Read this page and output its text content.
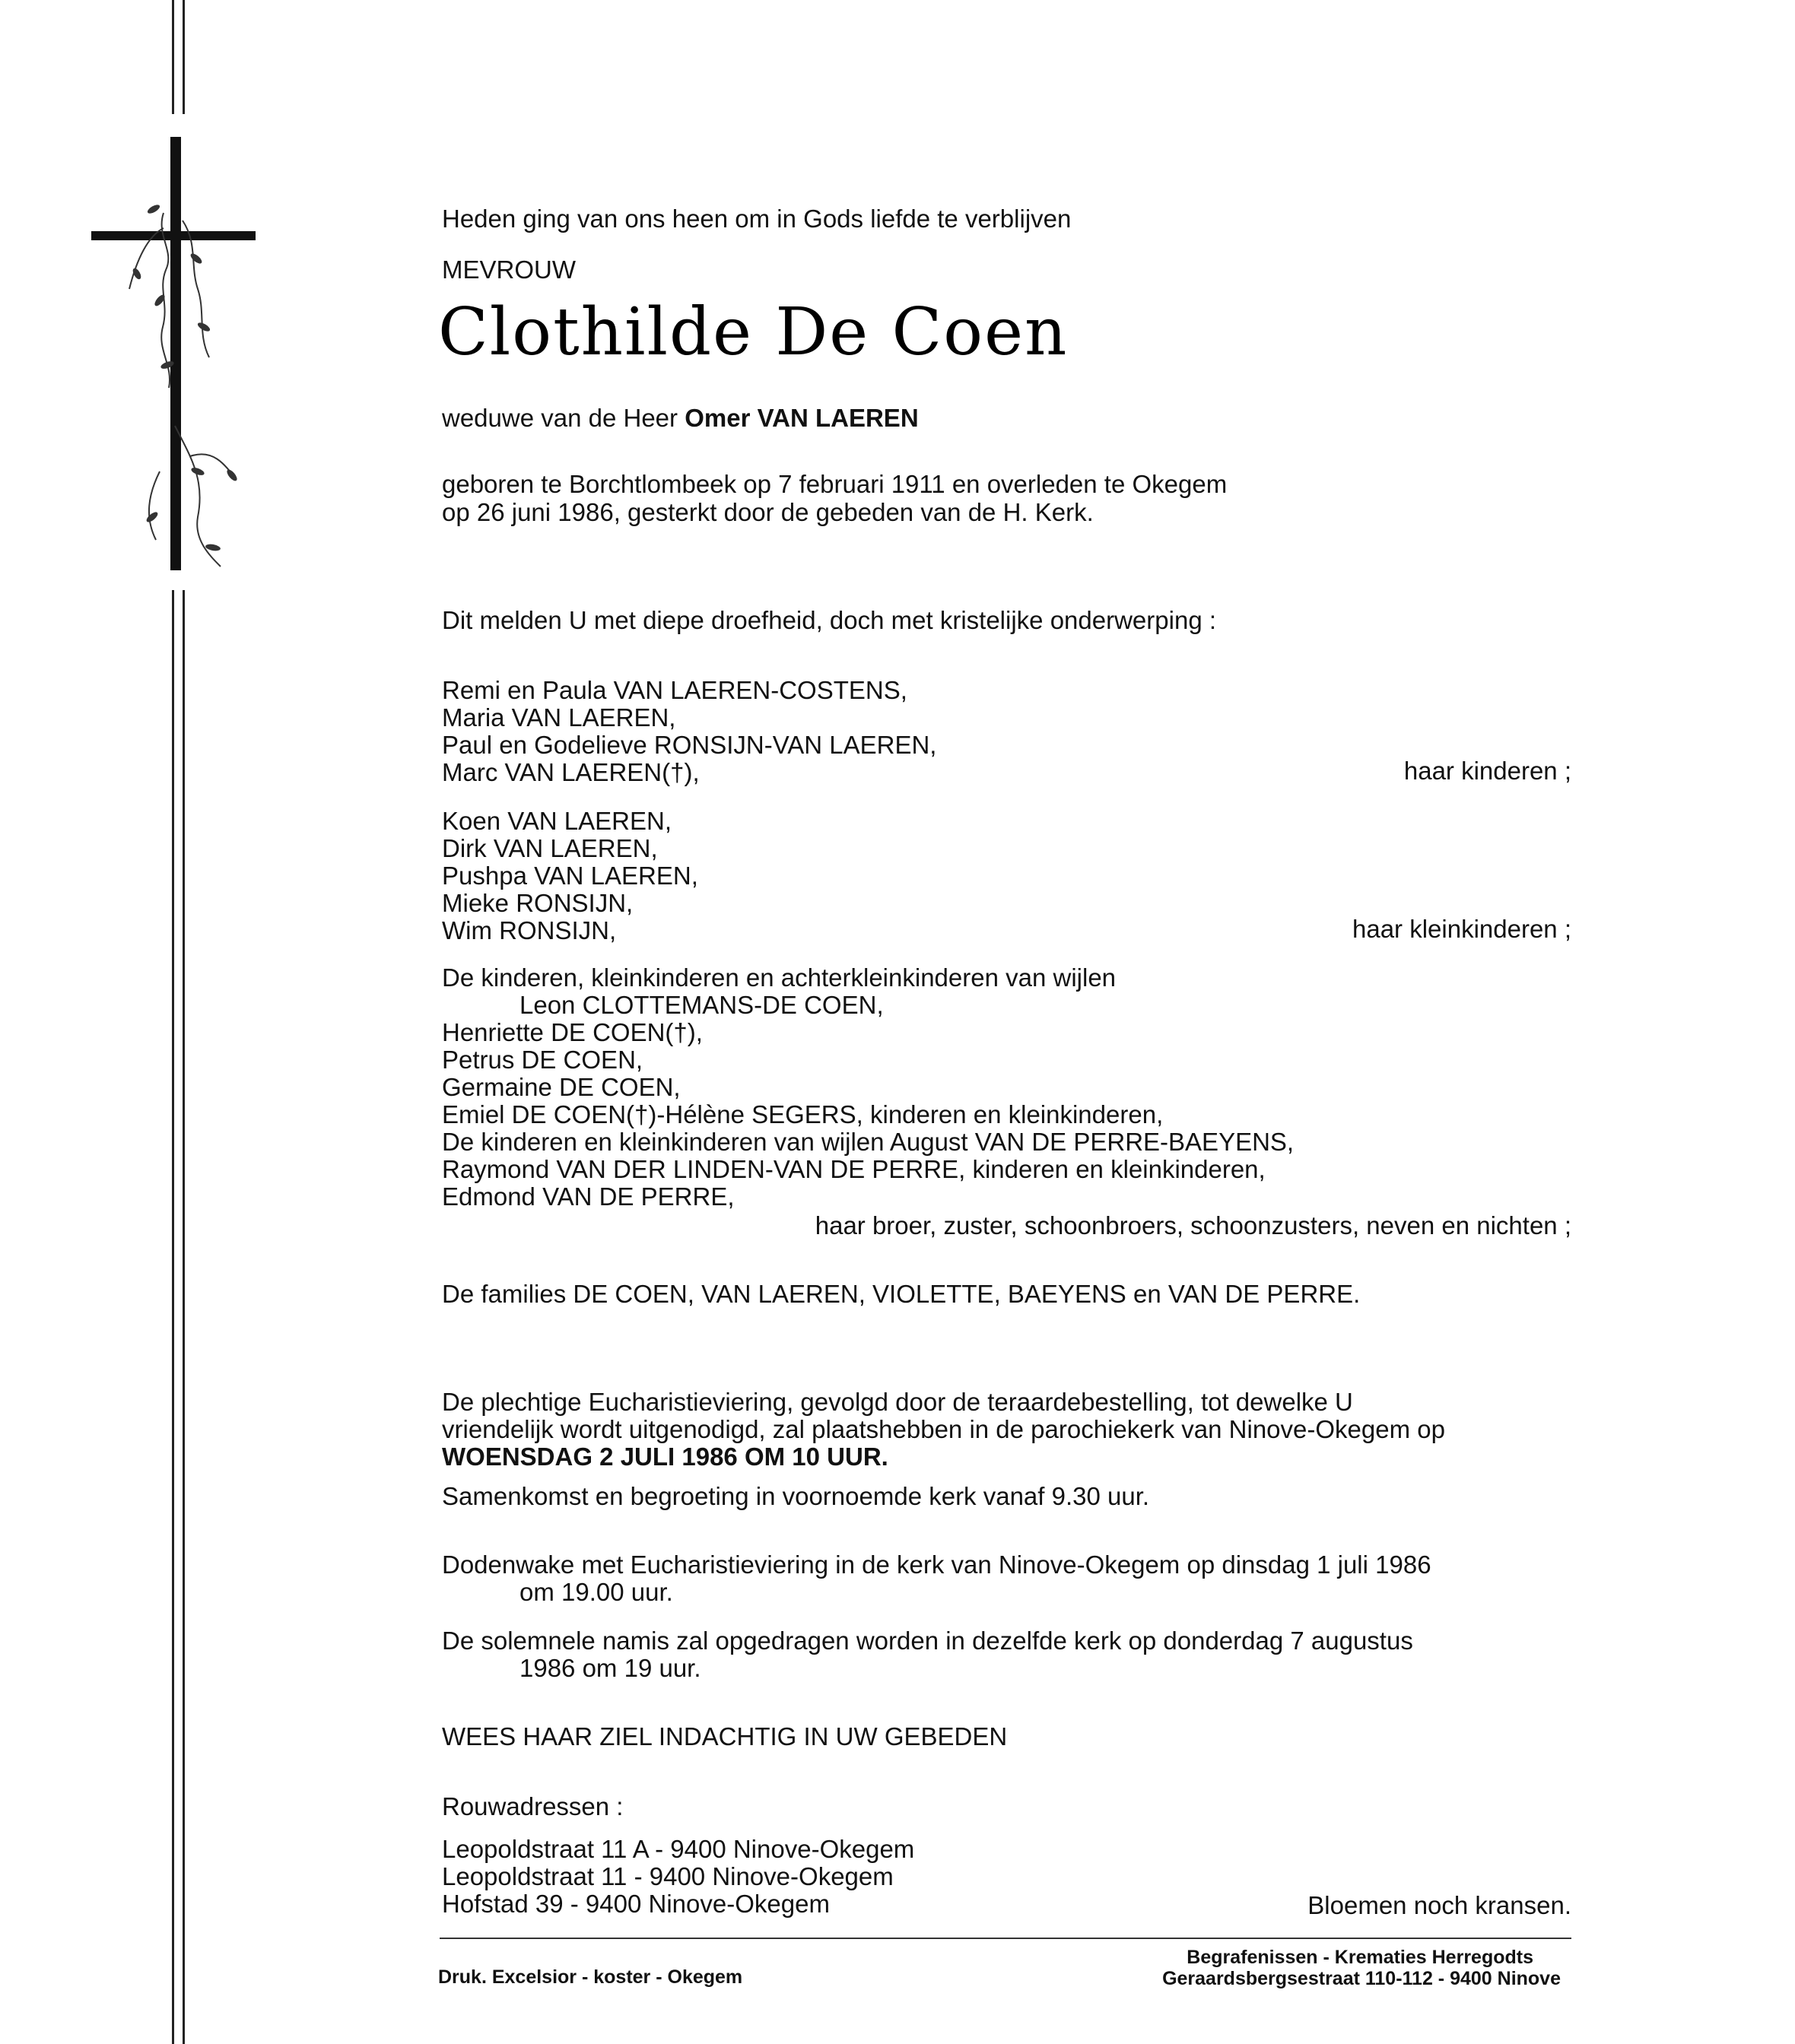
Heden ging van ons heen om in Gods liefde te verblijven
MEVROUW
Clothilde De Coen
weduwe van de Heer Omer VAN LAEREN
geboren te Borchtlombeek op 7 februari 1911 en overleden te Okegem
op 26 juni 1986, gesterkt door de gebeden van de H. Kerk.
Dit melden U met diepe droefheid, doch met kristelijke onderwerping :
Remi en Paula VAN LAEREN-COSTENS,
Maria VAN LAEREN,
Paul en Godelieve RONSIJN-VAN LAEREN,
Marc VAN LAEREN(†),	haar kinderen ;
Koen VAN LAEREN,
Dirk VAN LAEREN,
Pushpa VAN LAEREN,
Mieke RONSIJN,
Wim RONSIJN,	haar kleinkinderen ;
De kinderen, kleinkinderen en achterkleinkinderen van wijlen
Leon CLOTTEMANS-DE COEN,
Henriette DE COEN(†),
Petrus DE COEN,
Germaine DE COEN,
Emiel DE COEN(†)-Hélène SEGERS, kinderen en kleinkinderen,
De kinderen en kleinkinderen van wijlen August VAN DE PERRE-BAEYENS,
Raymond VAN DER LINDEN-VAN DE PERRE, kinderen en kleinkinderen,
Edmond VAN DE PERRE,
haar broer, zuster, schoonbroers, schoonzusters, neven en nichten ;
De families DE COEN, VAN LAEREN, VIOLETTE, BAEYENS en VAN DE PERRE.
De plechtige Eucharistieviering, gevolgd door de teraardebestelling, tot dewelke U
vriendelijk wordt uitgenodigd, zal plaatshebben in de parochiekerk van Ninove-Okegem op
WOENSDAG 2 JULI 1986 OM 10 UUR.
Samenkomst en begroeting in voornoemde kerk vanaf 9.30 uur.
Dodenwake met Eucharistieviering in de kerk van Ninove-Okegem op dinsdag 1 juli 1986
om 19.00 uur.
De solemnele namis zal opgedragen worden in dezelfde kerk op donderdag 7 augustus
1986 om 19 uur.
WEES HAAR ZIEL INDACHTIG IN UW GEBEDEN
Rouwadressen :
Leopoldstraat 11 A - 9400 Ninove-Okegem
Leopoldstraat 11 - 9400 Ninove-Okegem
Hofstad 39 - 9400 Ninove-Okegem	Bloemen noch kransen.
Druk. Excelsior - koster - Okegem
Begrafenissen - Krematies Herregodts
Geraardsbergsestraat 110-112 - 9400 Ninove
